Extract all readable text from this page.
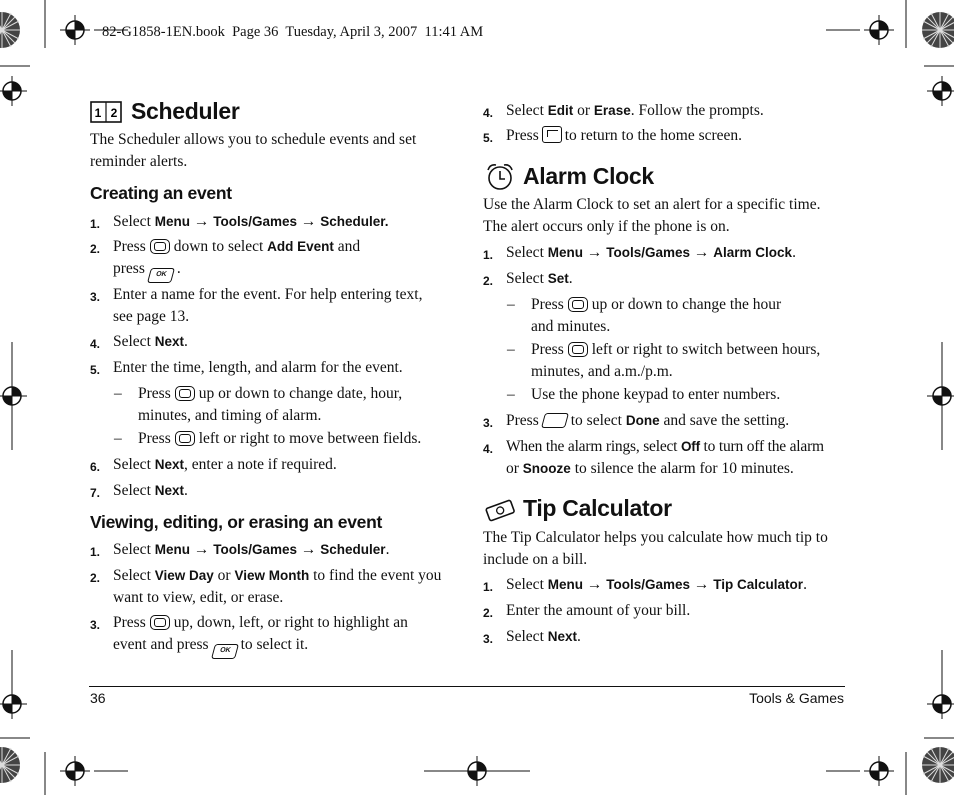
82-G1858-1EN.book  Page 36  Tuesday, April 3, 2007  11:41 AM
1 2 Scheduler
The Scheduler allows you to schedule events and set
reminder alerts.
Creating an event
1. Select Menu → Tools/Games → Scheduler.
2. Press down to select Add Event and
press OK .
3. Enter a name for the event. For help entering text,
see page 13.
4. Select Next.
5. Enter the time, length, and alarm for the event.
– Press up or down to change date, hour,
minutes, and timing of alarm.
– Press left or right to move between fields.
6. Select Next, enter a note if required.
7. Select Next.
Viewing, editing, or erasing an event
1. Select Menu → Tools/Games → Scheduler.
2. Select View Day or View Month to find the event you
want to view, edit, or erase.
3. Press up, down, left, or right to highlight an
event and press OK to select it.
4. Select Edit or Erase. Follow the prompts.
5. Press to return to the home screen.
Alarm Clock
Use the Alarm Clock to set an alert for a specific time.
The alert occurs only if the phone is on.
1. Select Menu → Tools/Games → Alarm Clock.
2. Select Set.
– Press up or down to change the hour
and minutes.
– Press left or right to switch between hours,
minutes, and a.m./p.m.
– Use the phone keypad to enter numbers.
3. Press to select Done and save the setting.
4. When the alarm rings, select Off to turn off the alarm
or Snooze to silence the alarm for 10 minutes.
Tip Calculator
The Tip Calculator helps you calculate how much tip to
include on a bill.
1. Select Menu → Tools/Games → Tip Calculator.
2. Enter the amount of your bill.
3. Select Next.
36	Tools & Games
